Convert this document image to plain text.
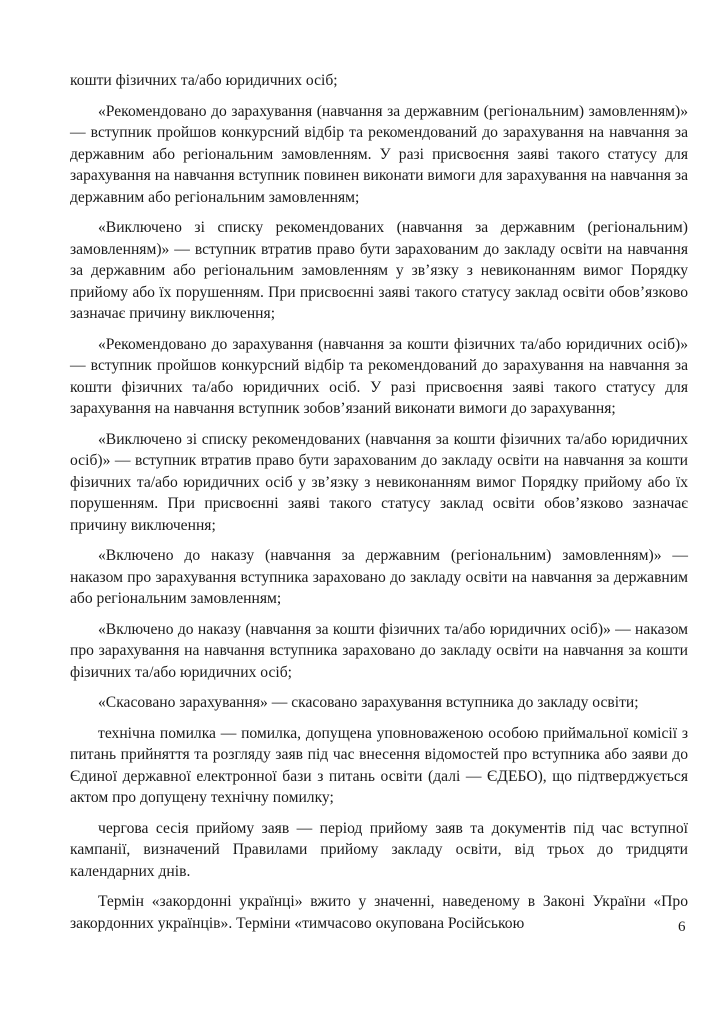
кошти фізичних та/або юридичних осіб;

«Рекомендовано до зарахування (навчання за державним (регіональним) замовленням)» — вступник пройшов конкурсний відбір та рекомендований до зарахування на навчання за державним або регіональним замовленням. У разі присвоєння заяві такого статусу для зарахування на навчання вступник повинен виконати вимоги для зарахування на навчання за державним або регіональним замовленням;

«Виключено зі списку рекомендованих (навчання за державним (регіональним) замовленням)» — вступник втратив право бути зарахованим до закладу освіти на навчання за державним або регіональним замовленням у зв’язку з невиконанням вимог Порядку прийому або їх порушенням. При присвоєнні заяві такого статусу заклад освіти обов’язково зазначає причину виключення;

«Рекомендовано до зарахування (навчання за кошти фізичних та/або юридичних осіб)» — вступник пройшов конкурсний відбір та рекомендований до зарахування на навчання за кошти фізичних та/або юридичних осіб. У разі присвоєння заяві такого статусу для зарахування на навчання вступник зобов’язаний виконати вимоги до зарахування;

«Виключено зі списку рекомендованих (навчання за кошти фізичних та/або юридичних осіб)» — вступник втратив право бути зарахованим до закладу освіти на навчання за кошти фізичних та/або юридичних осіб у зв’язку з невиконанням вимог Порядку прийому або їх порушенням. При присвоєнні заяві такого статусу заклад освіти обов’язково зазначає причину виключення;

«Включено до наказу (навчання за державним (регіональним) замовленням)» — наказом про зарахування вступника зараховано до закладу освіти на навчання за державним або регіональним замовленням;

«Включено до наказу (навчання за кошти фізичних та/або юридичних осіб)» — наказом про зарахування на навчання вступника зараховано до закладу освіти на навчання за кошти фізичних та/або юридичних осіб;

«Скасовано зарахування» — скасовано зарахування вступника до закладу освіти;

технічна помилка — помилка, допущена уповноваженою особою приймальної комісії з питань прийняття та розгляду заяв під час внесення відомостей про вступника або заяви до Єдиної державної електронної бази з питань освіти (далі — ЄДЕБО), що підтверджується актом про допущену технічну помилку;

чергова сесія прийому заяв — період прийому заяв та документів під час вступної кампанії, визначений Правилами прийому закладу освіти, від трьох до тридцяти календарних днів.

Термін «закордонні українці» вжито у значенні, наведеному в Законі України «Про закордонних українців». Терміни «тимчасово окупована Російською	6
